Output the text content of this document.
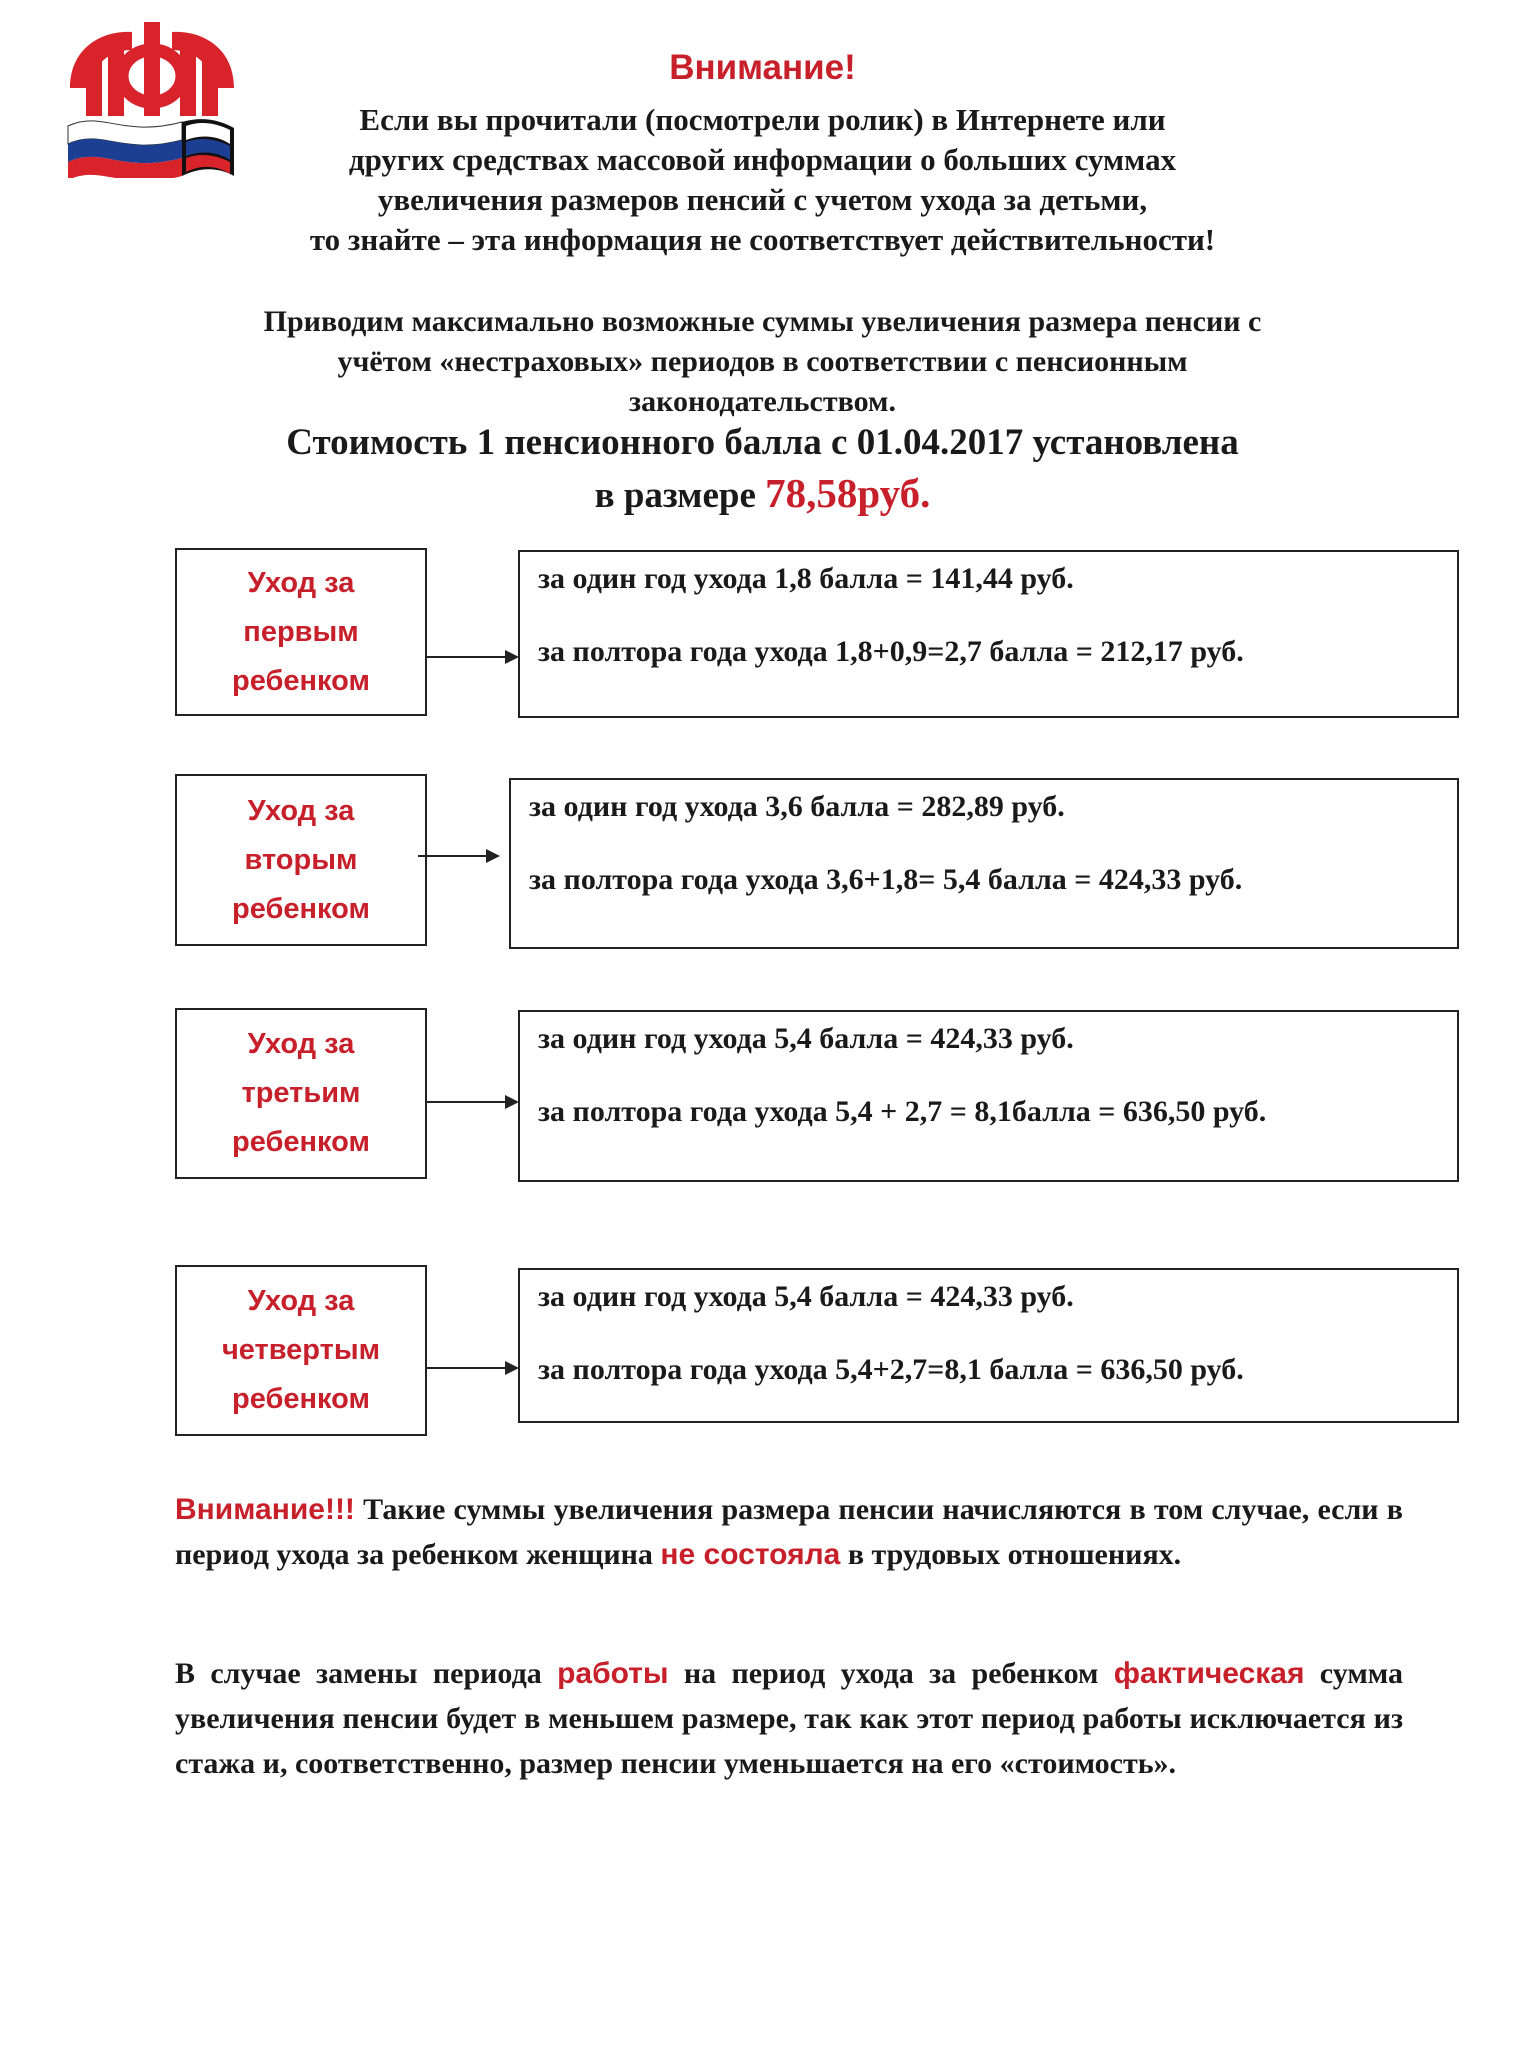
Внимание!
Если вы прочитали (посмотрели ролик) в Интернете или
других средствах массовой информации о больших суммах
увеличения размеров пенсий с учетом ухода за детьми,
то знайте – эта информация не соответствует действительности!
Приводим максимально возможные суммы увеличения размера пенсии с
учётом «нестраховых» периодов в соответствии с пенсионным
законодательством.
Стоимость 1 пенсионного балла с 01.04.2017 установлена
в размере 78,58руб.
Уход за
первым
ребенком
за один год ухода 1,8 балла = 141,44 руб.
за полтора года ухода 1,8+0,9=2,7 балла = 212,17 руб.
Уход за
вторым
ребенком
за один год ухода 3,6 балла = 282,89 руб.
за полтора года ухода 3,6+1,8= 5,4 балла = 424,33 руб.
Уход за
третьим
ребенком
за один год ухода 5,4 балла = 424,33 руб.
за полтора года ухода 5,4 + 2,7 = 8,1балла = 636,50 руб.
Уход за
четвертым
ребенком
за один год ухода 5,4 балла = 424,33 руб.
за полтора года ухода 5,4+2,7=8,1 балла = 636,50 руб.
Внимание!!! Такие суммы увеличения размера пенсии начисляются в том случае, если в период ухода за ребенком женщина не состояла в трудовых отношениях.
В случае замены периода работы на период ухода за ребенком фактическая сумма увеличения пенсии будет в меньшем размере, так как этот период работы исключается из стажа и, соответственно, размер пенсии уменьшается на его «стоимость».
